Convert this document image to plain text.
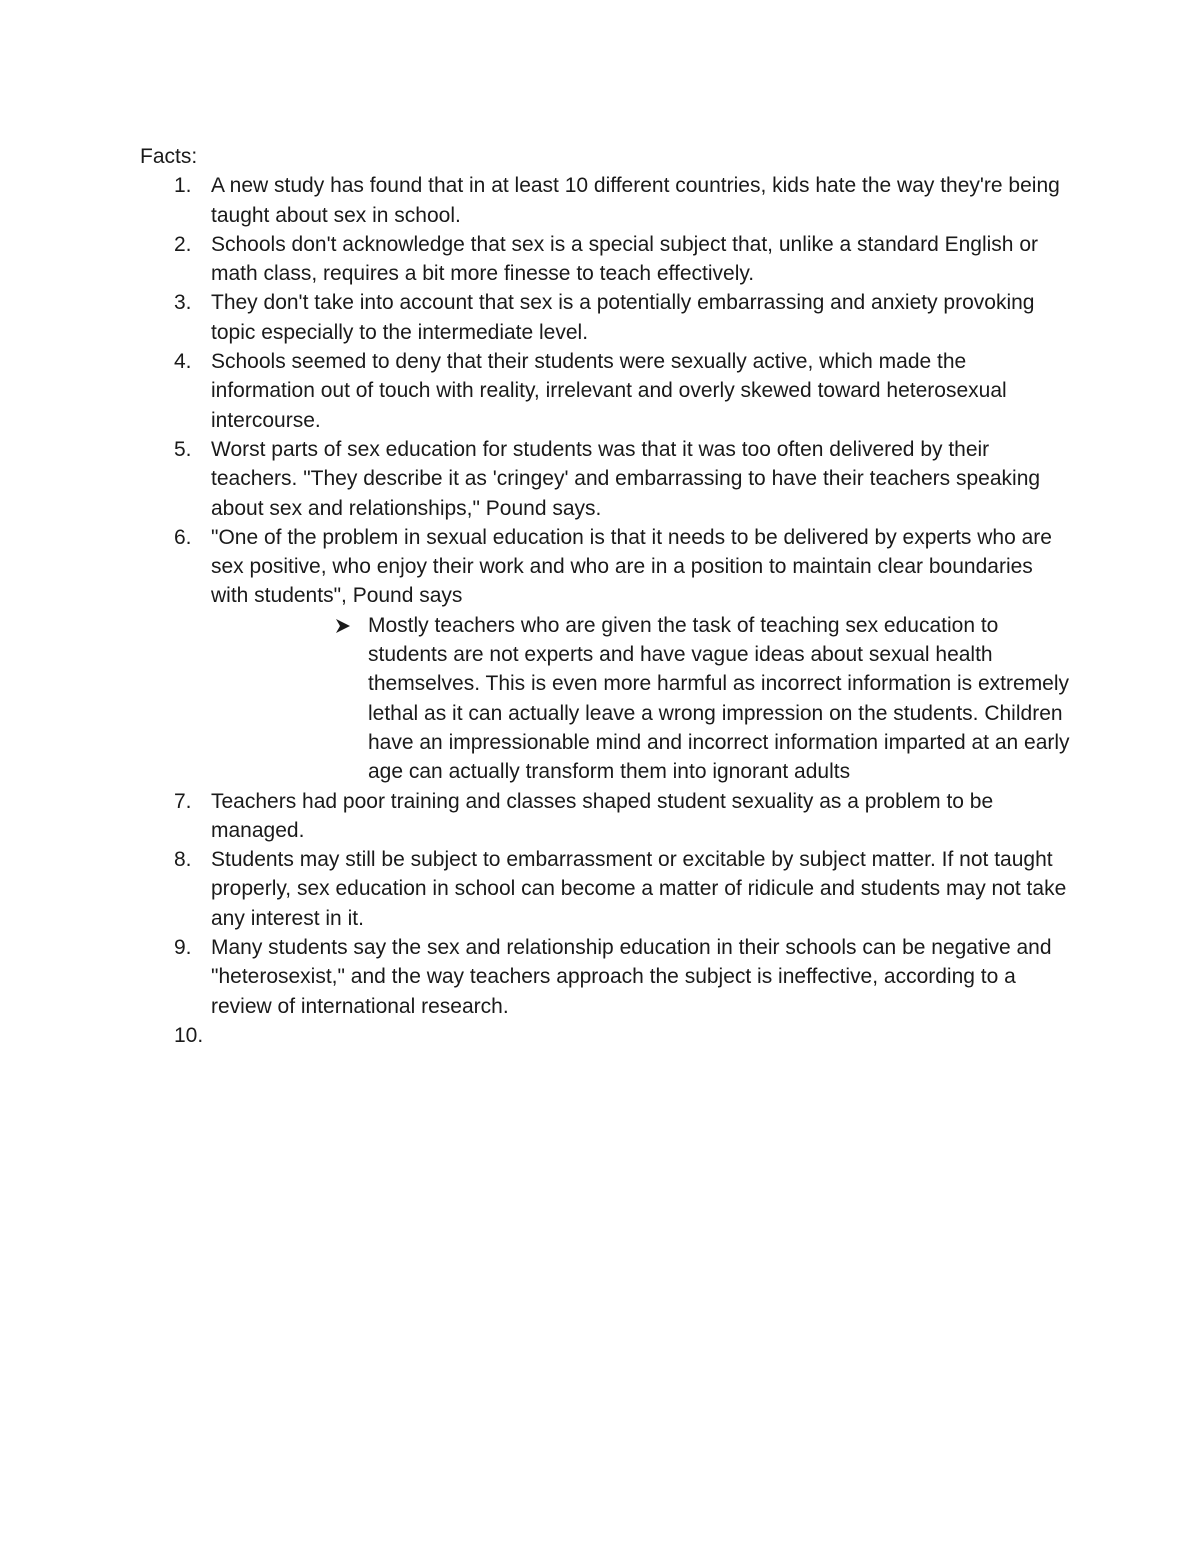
Facts:

1. A new study has found that in at least 10 different countries, kids hate the way they're being taught about sex in school.
2. Schools don't acknowledge that sex is a special subject that, unlike a standard English or math class, requires a bit more finesse to teach effectively.
3. They don't take into account that sex is a potentially embarrassing and anxiety provoking topic especially to the intermediate level.
4. Schools seemed to deny that their students were sexually active, which made the information out of touch with reality, irrelevant and overly skewed toward heterosexual intercourse.
5. Worst parts of sex education for students was that it was too often delivered by their teachers. "They describe it as 'cringey' and embarrassing to have their teachers speaking about sex and relationships," Pound says.
6. "One of the problem in sexual education is that it needs to be delivered by experts who are sex positive, who enjoy their work and who are in a position to maintain clear boundaries with students", Pound says
Mostly teachers who are given the task of teaching sex education to students are not experts and have vague ideas about sexual health themselves. This is even more harmful as incorrect information is extremely lethal as it can actually leave a wrong impression on the students. Children have an impressionable mind and incorrect information imparted at an early age can actually transform them into ignorant adults
7. Teachers had poor training and classes shaped student sexuality as a problem to be managed.
8. Students may still be subject to embarrassment or excitable by subject matter. If not taught properly, sex education in school can become a matter of ridicule and students may not take any interest in it.
9. Many students say the sex and relationship education in their schools can be negative and "heterosexist," and the way teachers approach the subject is ineffective, according to a review of international research.
10.
